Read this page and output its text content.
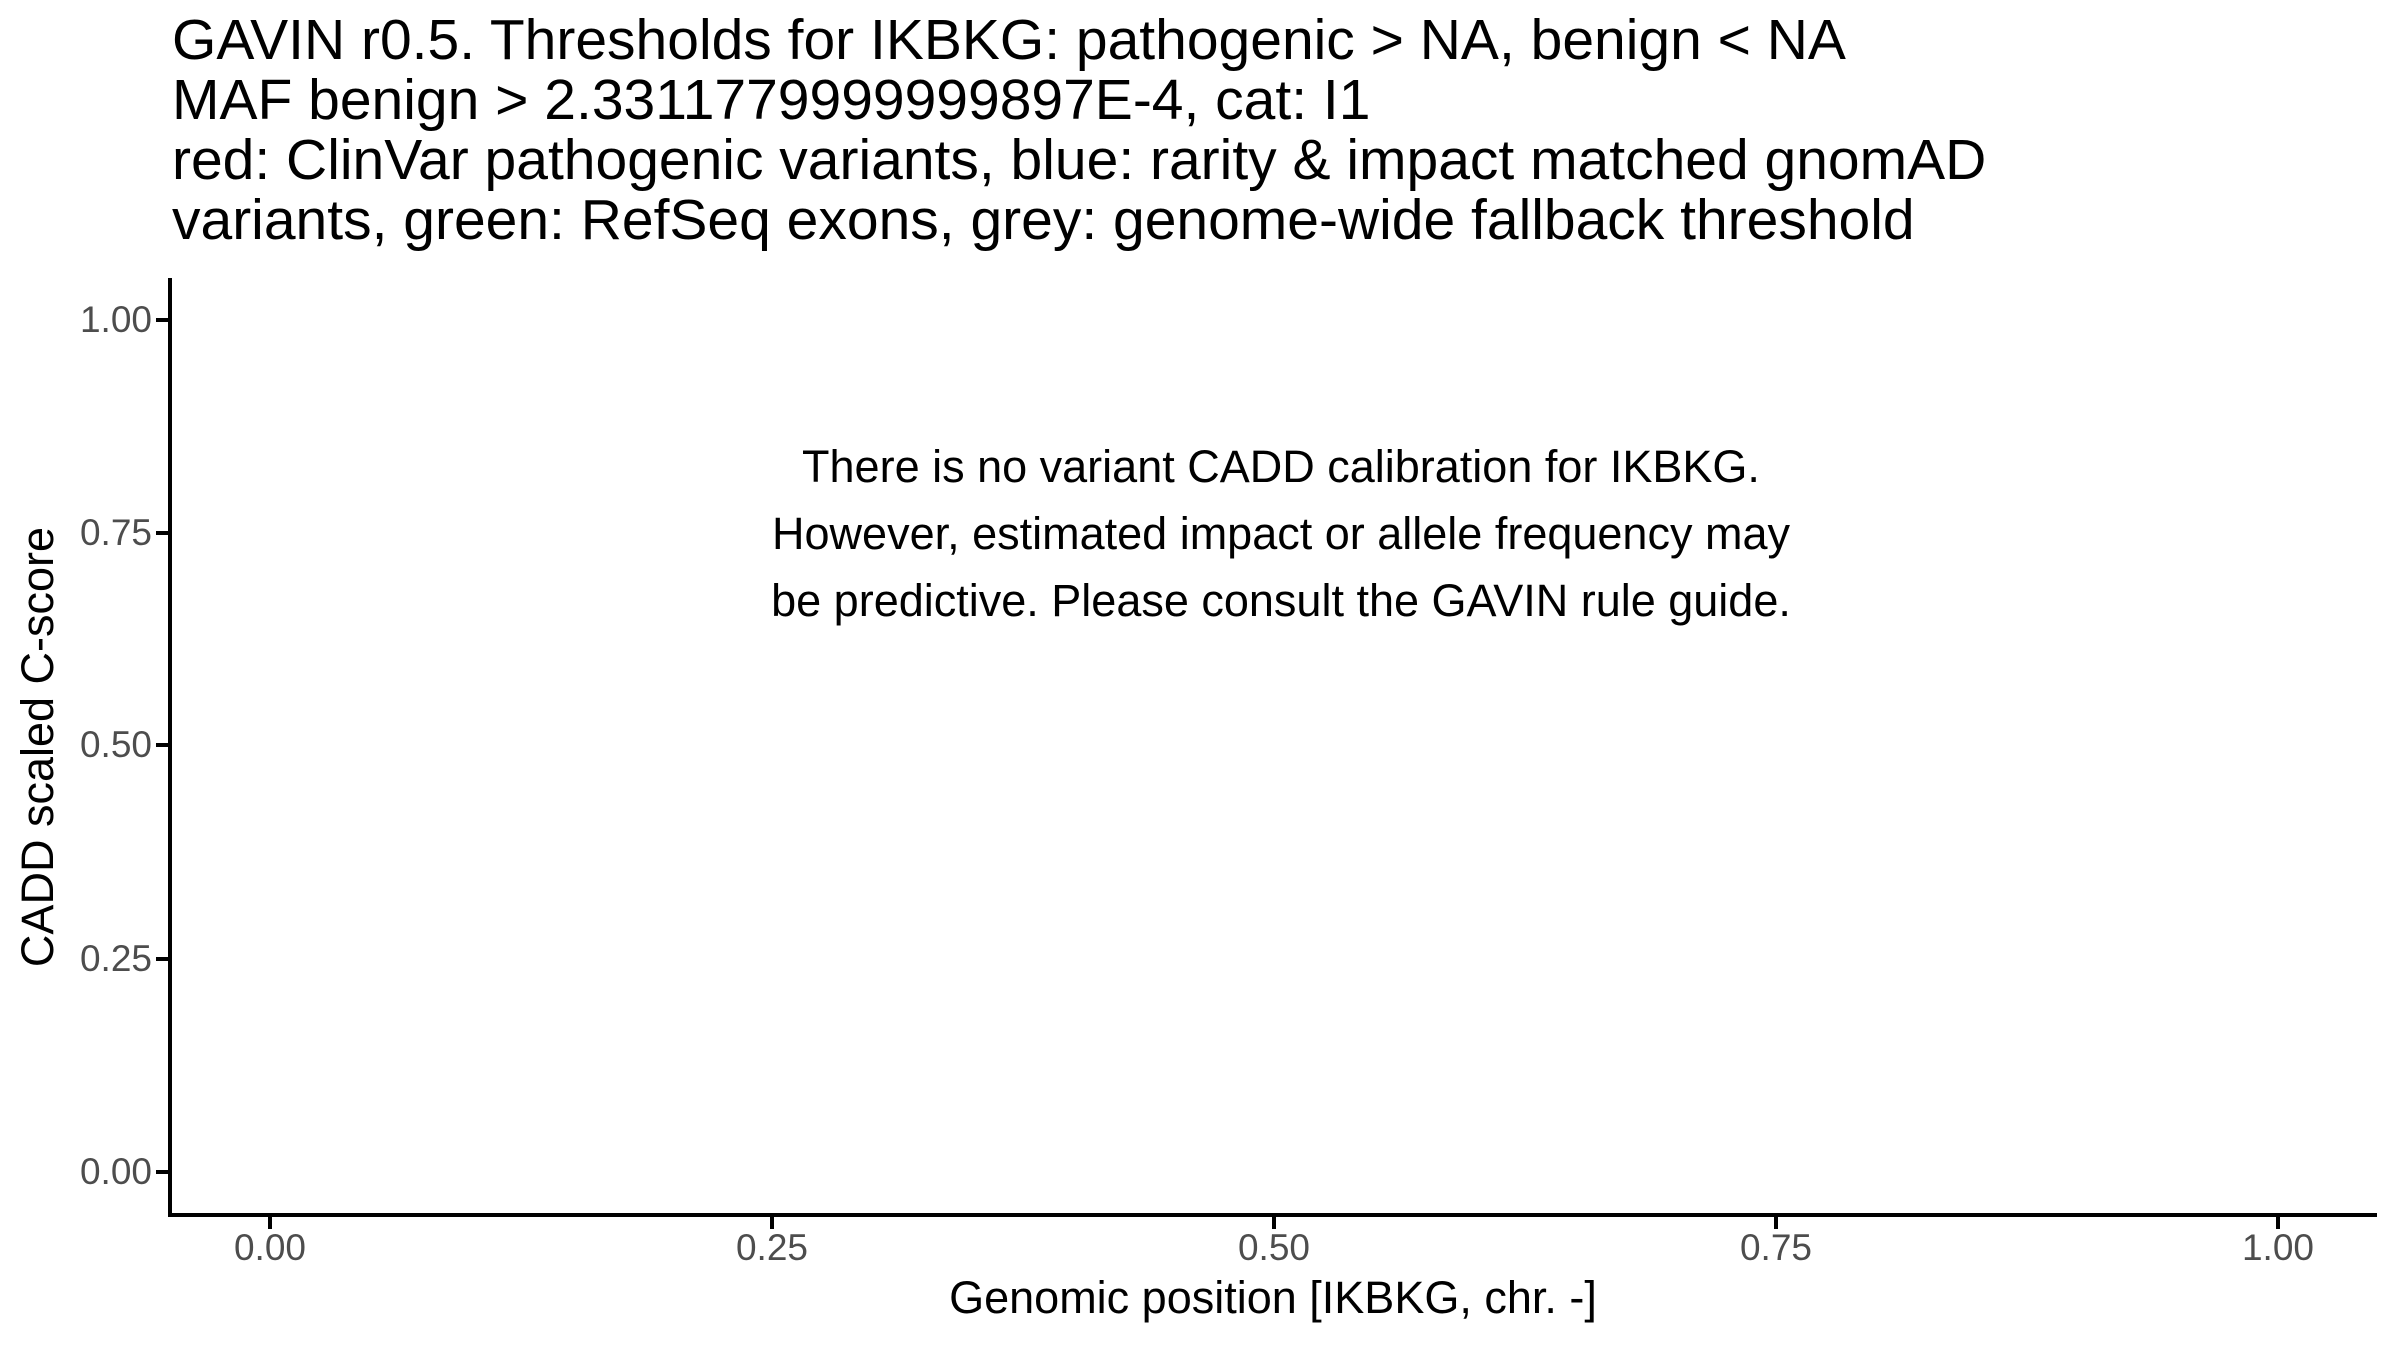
GAVIN r0.5. Thresholds for IKBKG: pathogenic > NA, benign < NA
MAF benign > 2.3311779999999897E-4, cat: I1
red: ClinVar pathogenic variants, blue: rarity & impact matched gnomAD
variants, green: RefSeq exons, grey: genome-wide fallback threshold
1.00
0.75
0.50
0.25
0.00
0.00	0.25	0.50	0.75	1.00
Genomic position [IKBKG, chr. -]
CADD scaled C-score
There is no variant CADD calibration for IKBKG.
However, estimated impact or allele frequency may
be predictive. Please consult the GAVIN rule guide.
